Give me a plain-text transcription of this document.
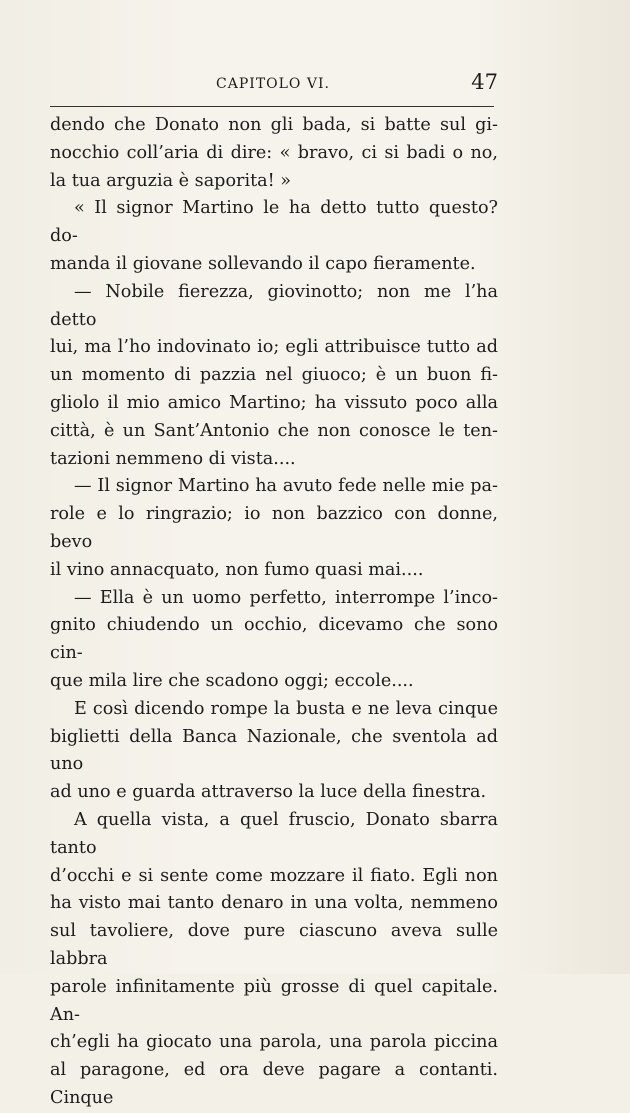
CAPITOLO VI.	47

dendo che Donato non gli bada, si batte sul gi-

nocchio coll’aria di dire: « bravo, ci si badi o no,

la tua arguzia è saporita! »

« Il signor Martino le ha detto tutto questo? do-

manda il giovane sollevando il capo fieramente.

— Nobile fierezza, giovinotto; non me l’ha detto

lui, ma l’ho indovinato io; egli attribuisce tutto ad

un momento di pazzia nel giuoco; è un buon fi-

gliolo il mio amico Martino; ha vissuto poco alla

città, è un Sant’Antonio che non conosce le ten-

tazioni nemmeno di vista....

— Il signor Martino ha avuto fede nelle mie pa-

role e lo ringrazio; io non bazzico con donne, bevo

il vino annacquato, non fumo quasi mai....

— Ella è un uomo perfetto, interrompe l’inco-

gnito chiudendo un occhio, dicevamo che sono cin-

que mila lire che scadono oggi; eccole....

E così dicendo rompe la busta e ne leva cinque

biglietti della Banca Nazionale, che sventola ad uno

ad uno e guarda attraverso la luce della finestra.

A quella vista, a quel fruscio, Donato sbarra tanto

d’occhi e si sente come mozzare il fiato. Egli non

ha visto mai tanto denaro in una volta, nemmeno

sul tavoliere, dove pure ciascuno aveva sulle labbra

parole infinitamente più grosse di quel capitale. An-

ch’egli ha giocato una parola, una parola piccina

al paragone, ed ora deve pagare a contanti. Cinque
